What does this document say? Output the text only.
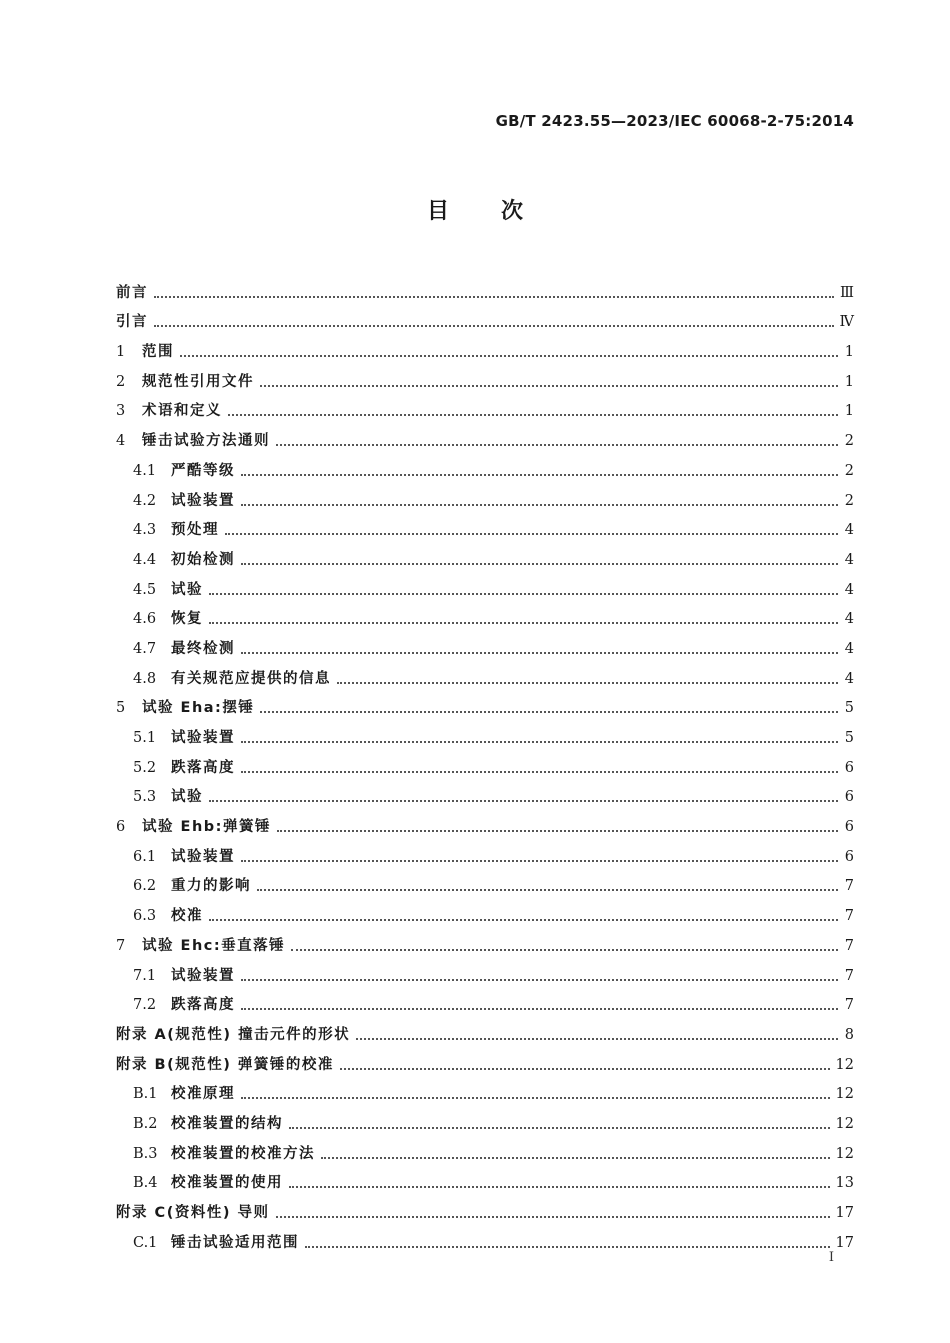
GB/T 2423.55—2023/IEC 60068-2-75:2014
目次
前言	Ⅲ
引言	Ⅳ
1 范围	1
2 规范性引用文件	1
3 术语和定义	1
4 锤击试验方法通则	2
4.1 严酷等级	2
4.2 试验装置	2
4.3 预处理	4
4.4 初始检测	4
4.5 试验	4
4.6 恢复	4
4.7 最终检测	4
4.8 有关规范应提供的信息	4
5 试验 Eha:摆锤	5
5.1 试验装置	5
5.2 跌落高度	6
5.3 试验	6
6 试验 Ehb:弹簧锤	6
6.1 试验装置	6
6.2 重力的影响	7
6.3 校准	7
7 试验 Ehc:垂直落锤	7
7.1 试验装置	7
7.2 跌落高度	7
附录 A(规范性) 撞击元件的形状	8
附录 B(规范性) 弹簧锤的校准	12
B.1 校准原理	12
B.2 校准装置的结构	12
B.3 校准装置的校准方法	12
B.4 校准装置的使用	13
附录 C(资料性) 导则	17
C.1 锤击试验适用范围	17
Ⅰ
